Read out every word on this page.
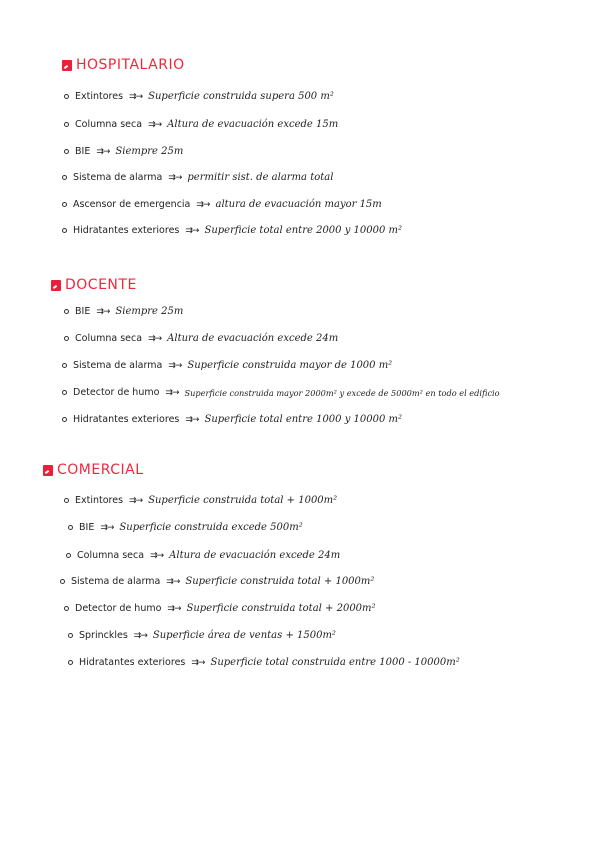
HOSPITALARIO
Extintores ⇉→ Superficie construida supera 500 m²
Columna seca ⇉→ Altura de evacuación excede 15m
BIE ⇉→ Siempre 25m
Sistema de alarma ⇉→ permitir sist. de alarma total
Ascensor de emergencia ⇉→ altura de evacuación mayor 15m
Hidratantes exteriores ⇉→ Superficie total entre 2000 y 10000 m²
DOCENTE
BIE ⇉→ Siempre 25m
Columna seca ⇉→ Altura de evacuación excede 24m
Sistema de alarma ⇉→ Superficie construida mayor de 1000 m²
Detector de humo ⇉→ Superficie construida mayor 2000m² y excede de 5000m² en todo el edificio
Hidratantes exteriores ⇉→ Superficie total entre 1000 y 10000 m²
COMERCIAL
Extintores ⇉→ Superficie construida total + 1000m²
BIE ⇉→ Superficie construida excede 500m²
Columna seca ⇉→ Altura de evacuación excede 24m
Sistema de alarma ⇉→ Superficie construida total + 1000m²
Detector de humo ⇉→ Superficie construida total + 2000m²
Sprinckles ⇉→ Superficie área de ventas + 1500m²
Hidratantes exteriores ⇉→ Superficie total construida entre 1000 - 10000m²
